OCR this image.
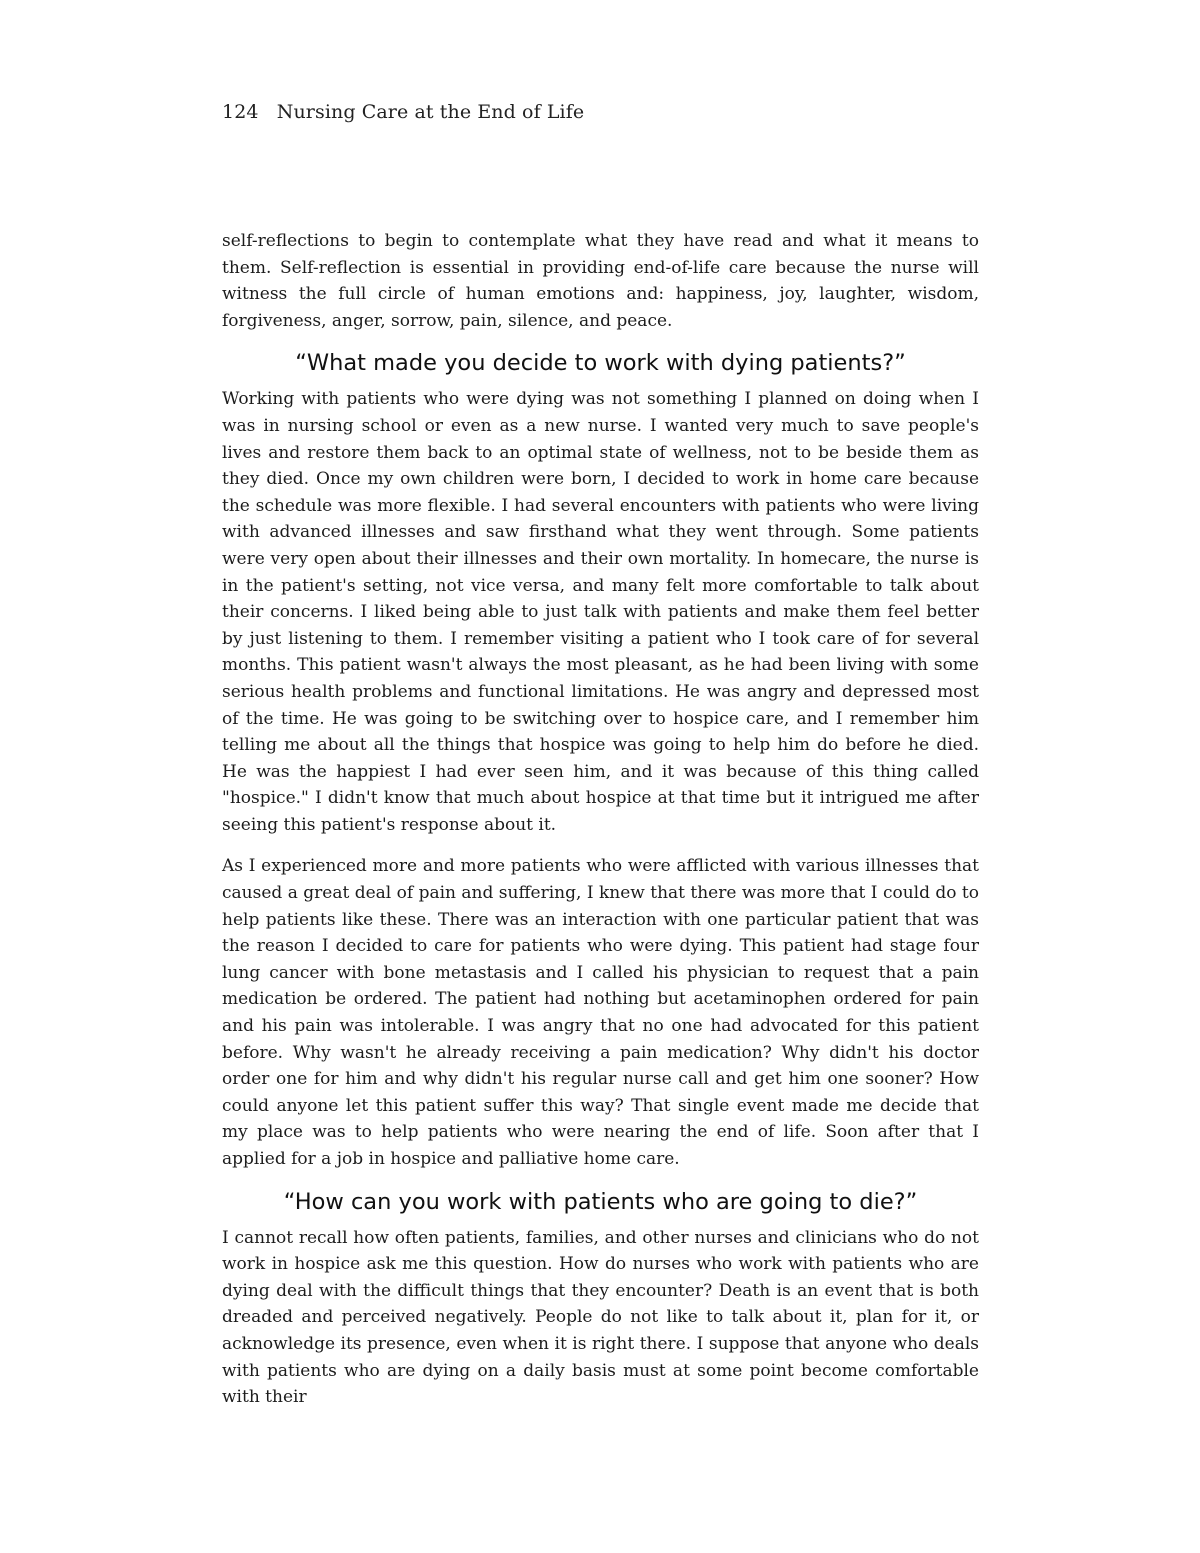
124 Nursing Care at the End of Life

self-reflections to begin to contemplate what they have read and what it means to them. Self-reflection is essential in providing end-of-life care because the nurse will witness the full circle of human emotions and: happiness, joy, laughter, wisdom, forgiveness, anger, sorrow, pain, silence, and peace.

“What made you decide to work with dying patients?”

Working with patients who were dying was not something I planned on doing when I was in nursing school or even as a new nurse. I wanted very much to save people's lives and restore them back to an optimal state of wellness, not to be beside them as they died. Once my own children were born, I decided to work in home care because the schedule was more flexible. I had several encounters with patients who were living with advanced illnesses and saw firsthand what they went through. Some patients were very open about their illnesses and their own mortality. In homecare, the nurse is in the patient's setting, not vice versa, and many felt more comfortable to talk about their concerns. I liked being able to just talk with patients and make them feel better by just listening to them. I remember visiting a patient who I took care of for several months. This patient wasn't always the most pleasant, as he had been living with some serious health problems and functional limitations. He was angry and depressed most of the time. He was going to be switching over to hospice care, and I remember him telling me about all the things that hospice was going to help him do before he died. He was the happiest I had ever seen him, and it was because of this thing called "hospice." I didn't know that much about hospice at that time but it intrigued me after seeing this patient's response about it.

As I experienced more and more patients who were afflicted with various illnesses that caused a great deal of pain and suffering, I knew that there was more that I could do to help patients like these. There was an interaction with one particular patient that was the reason I decided to care for patients who were dying. This patient had stage four lung cancer with bone metastasis and I called his physician to request that a pain medication be ordered. The patient had nothing but acetaminophen ordered for pain and his pain was intolerable. I was angry that no one had advocated for this patient before. Why wasn't he already receiving a pain medication? Why didn't his doctor order one for him and why didn't his regular nurse call and get him one sooner? How could anyone let this patient suffer this way? That single event made me decide that my place was to help patients who were nearing the end of life. Soon after that I applied for a job in hospice and palliative home care.

“How can you work with patients who are going to die?”

I cannot recall how often patients, families, and other nurses and clinicians who do not work in hospice ask me this question. How do nurses who work with patients who are dying deal with the difficult things that they encounter? Death is an event that is both dreaded and perceived negatively. People do not like to talk about it, plan for it, or acknowledge its presence, even when it is right there. I suppose that anyone who deals with patients who are dying on a daily basis must at some point become comfortable with their
